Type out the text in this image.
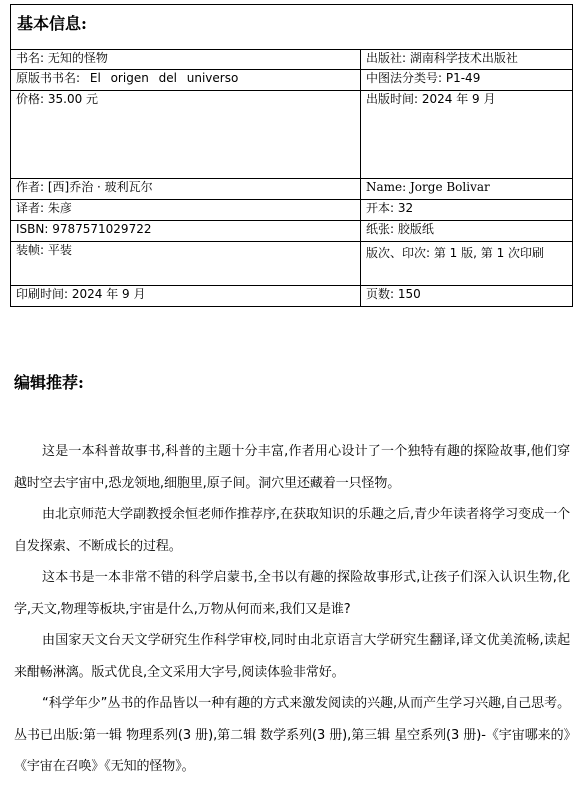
基本信息:	
书名: 无知的怪物	出版社: 湖南科学技术出版社
原版书书名: El origen del universo	中图法分类号: P1-49
价格: 35.00 元	出版时间: 2024 年 9 月
作者: [西]乔治 · 玻利瓦尔	Name: Jorge Bolivar
译者: 朱彦	开本: 32
ISBN: 9787571029722	纸张: 胶版纸
装帧: 平装	版次、印次: 第 1 版, 第 1 次印刷
印刷时间: 2024 年 9 月	页数: 150
编辑推荐:

这是一本科普故事书,科普的主题十分丰富,作者用心设计了一个独特有趣的探险故事,他们穿越时空去宇宙中,恐龙领地,细胞里,原子间。洞穴里还藏着一只怪物。

由北京师范大学副教授余恒老师作推荐序,在获取知识的乐趣之后,青少年读者将学习变成一个自发探索、不断成长的过程。

这本书是一本非常不错的科学启蒙书,全书以有趣的探险故事形式,让孩子们深入认识生物,化学,天文,物理等板块,宇宙是什么,万物从何而来,我们又是谁?

由国家天文台天文学研究生作科学审校,同时由北京语言大学研究生翻译,译文优美流畅,读起来酣畅淋漓。版式优良,全文采用大字号,阅读体验非常好。

“科学年少”丛书的作品皆以一种有趣的方式来激发阅读的兴趣,从而产生学习兴趣,自己思考。丛书已出版:第一辑 物理系列(3 册),第二辑 数学系列(3 册),第三辑 星空系列(3 册)-《宇宙哪来的》《宇宙在召唤》《无知的怪物》。
